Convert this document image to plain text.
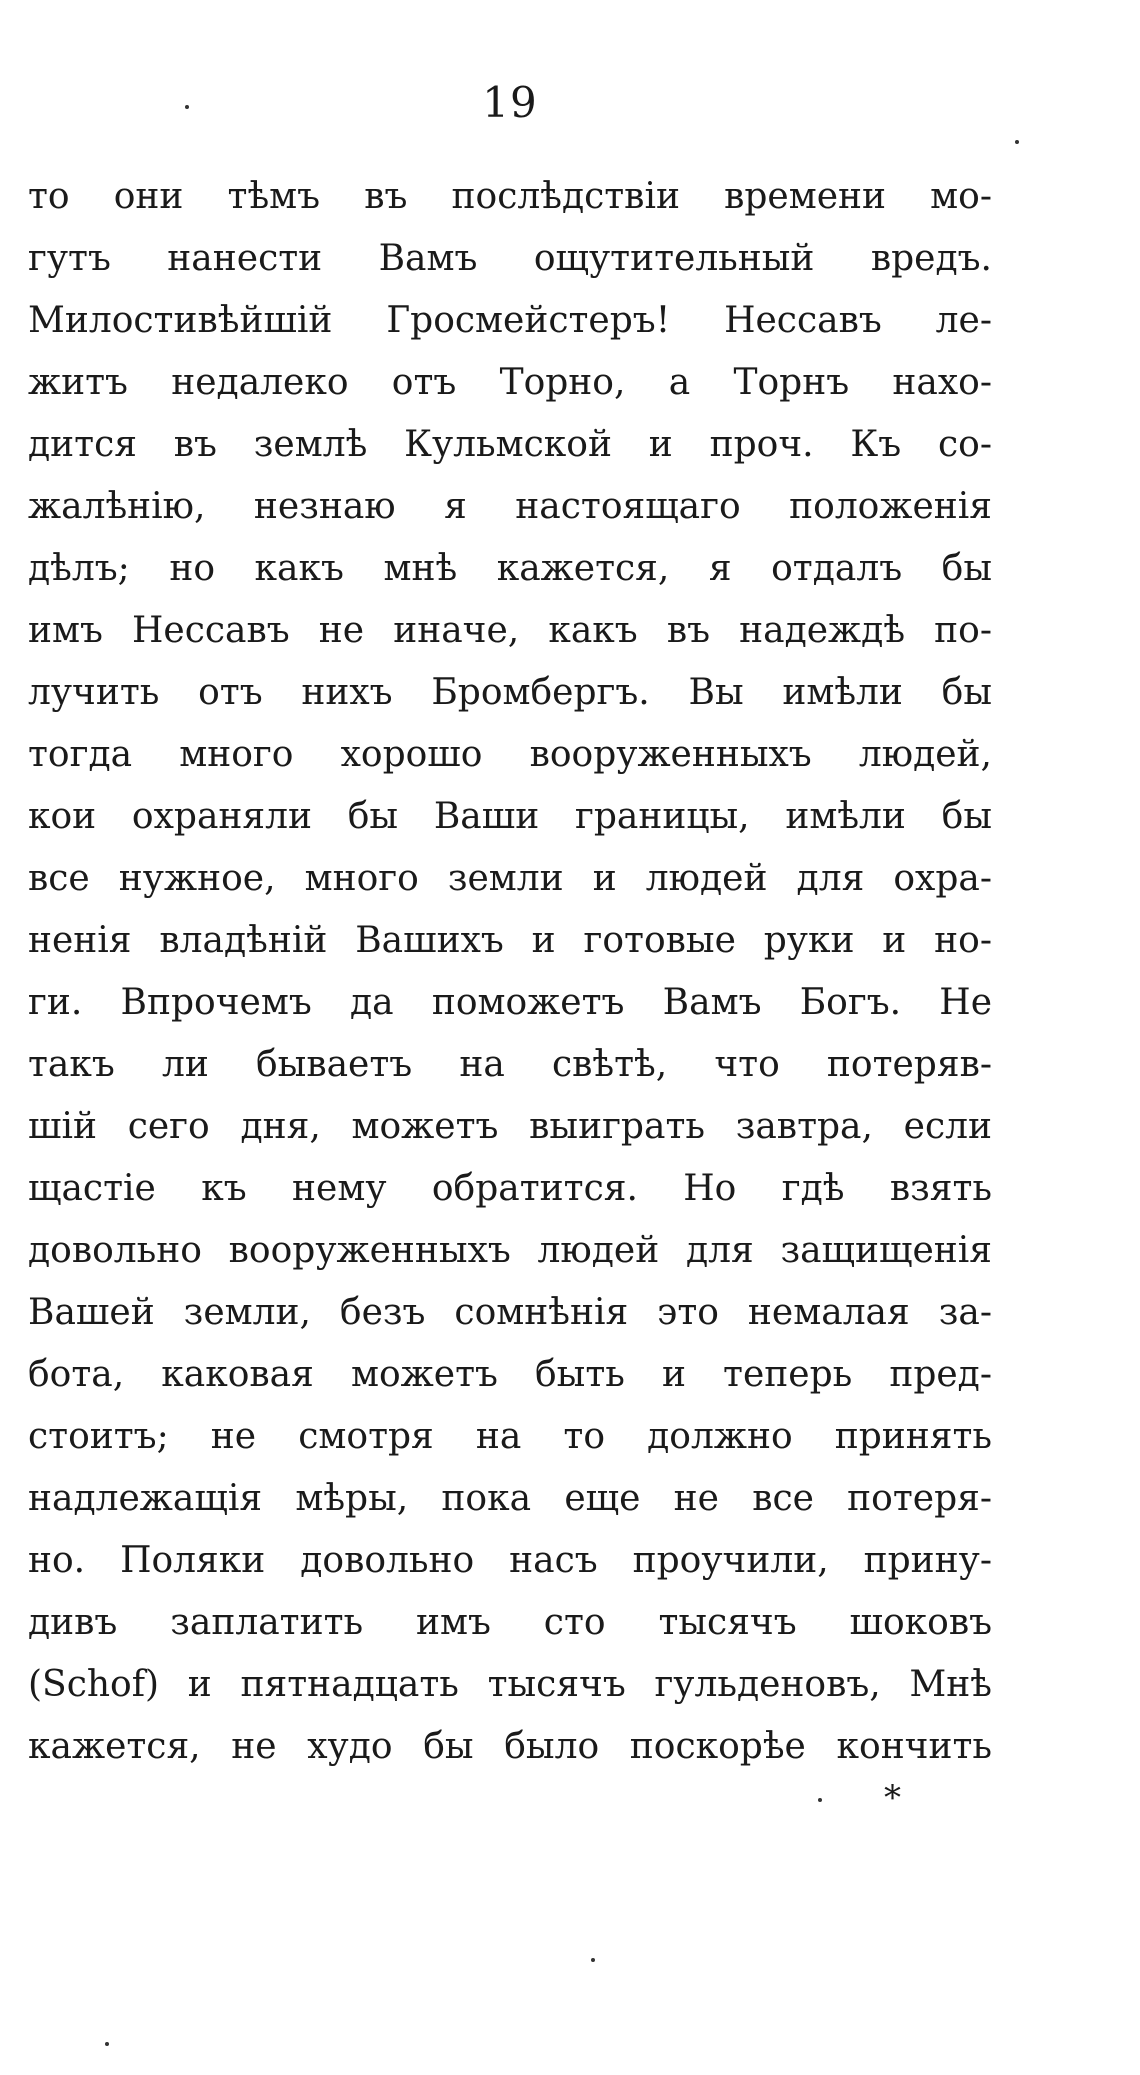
19
то они тѣмъ въ послѣдствіи времени мо-
гутъ нанести Вамъ ощутительный вредъ.
Милостивѣйшій Гросмейстеръ! Нессавъ ле-
житъ недалеко отъ Торно, а Торнъ нахо-
дится въ землѣ Кульмской и проч. Къ со-
жалѣнію, незнаю я настоящаго положенія
дѣлъ; но какъ мнѣ кажется, я отдалъ бы
имъ Нессавъ не иначе, какъ въ надеждѣ по-
лучить отъ нихъ Бромбергъ. Вы имѣли бы
тогда много хорошо вооруженныхъ людей,
кои охраняли бы Ваши границы, имѣли бы
все нужное, много земли и людей для охра-
ненія владѣній Вашихъ и готовые руки и но-
ги. Впрочемъ да поможетъ Вамъ Богъ. Не
такъ ли бываетъ на свѣтѣ, что потеряв-
шій сего дня, можетъ выиграть завтра, если
щастіе къ нему обратится. Но гдѣ взять
довольно вооруженныхъ людей для защищенія
Вашей земли, безъ сомнѣнія это немалая за-
бота, каковая можетъ быть и теперь пред-
стоитъ; не смотря на то должно принять
надлежащія мѣры, пока еще не все потеря-
но. Поляки довольно насъ проучили, прину-
дивъ заплатить имъ сто тысячъ шоковъ
(Schof) и пятнадцать тысячъ гульденовъ, Мнѣ
кажется, не худо бы было поскорѣе кончить
*
